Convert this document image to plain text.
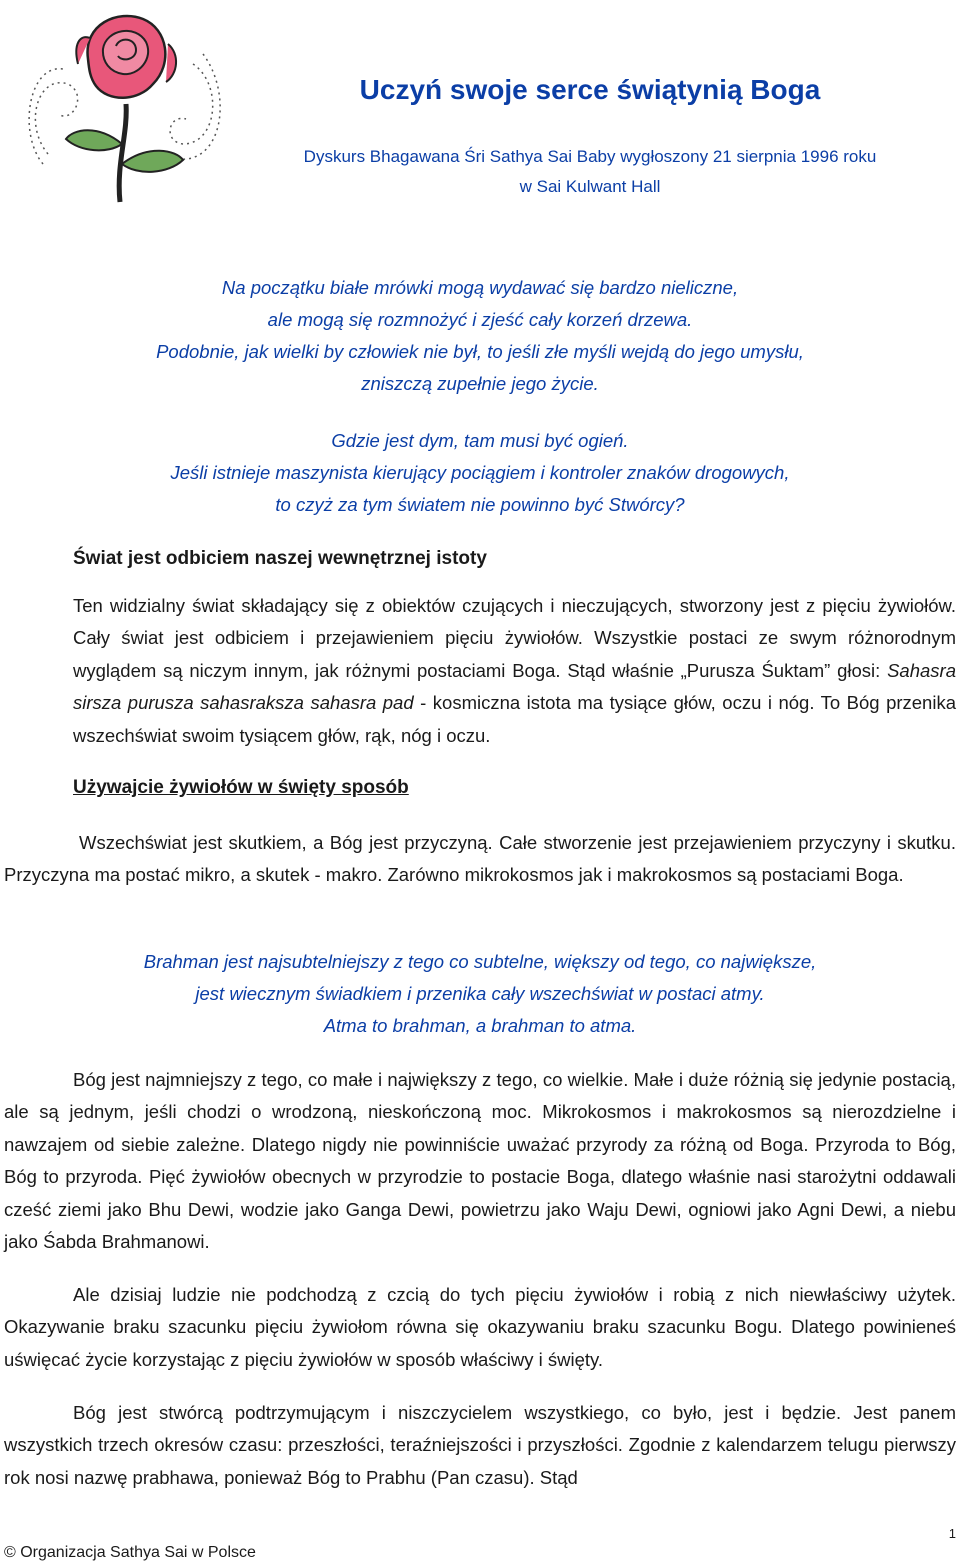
Uczyń swoje serce świątynią Boga
Dyskurs Bhagawana Śri Sathya Sai Baby wygłoszony 21 sierpnia 1996 roku
w Sai Kulwant Hall
Na początku białe mrówki mogą wydawać się bardzo nieliczne,
ale mogą się rozmnożyć i zjeść cały korzeń drzewa.
Podobnie, jak wielki by człowiek nie był, to jeśli złe myśli wejdą do jego umysłu,
zniszczą zupełnie jego życie.
Gdzie jest dym, tam musi być ogień.
Jeśli istnieje maszynista kierujący pociągiem i kontroler znaków drogowych,
to czyż za tym światem nie powinno być Stwórcy?
Świat jest odbiciem naszej wewnętrznej istoty

Ten widzialny świat składający się z obiektów czujących i nieczujących, stworzony jest z pięciu żywiołów. Cały świat jest odbiciem i przejawieniem pięciu żywiołów. Wszystkie postaci ze swym różnorodnym wyglądem są niczym innym, jak różnymi postaciami Boga. Stąd właśnie „Purusza Śuktam” głosi: Sahasra sirsza purusza sahasraksza sahasra pad - kosmiczna istota ma tysiące głów, oczu i nóg. To Bóg przenika wszechświat swoim tysiącem głów, rąk, nóg i oczu.

Używajcie żywiołów w święty sposób

Wszechświat jest skutkiem, a Bóg jest przyczyną. Całe stworzenie jest przejawieniem przyczyny i skutku. Przyczyna ma postać mikro, a skutek - makro. Zarówno mikrokosmos jak i makrokosmos są postaciami Boga.

Brahman jest najsubtelniejszy z tego co subtelne, większy od tego, co największe,
jest wiecznym świadkiem i przenika cały wszechświat w postaci atmy.
Atma to brahman, a brahman to atma.

Bóg jest najmniejszy z tego, co małe i największy z tego, co wielkie. Małe i duże różnią się jedynie postacią, ale są jednym, jeśli chodzi o wrodzoną, nieskończoną moc. Mikrokosmos i makrokosmos są nierozdzielne i nawzajem od siebie zależne. Dlatego nigdy nie powinniście uważać przyrody za różną od Boga. Przyroda to Bóg, Bóg to przyroda. Pięć żywiołów obecnych w przyrodzie to postacie Boga, dlatego właśnie nasi starożytni oddawali cześć ziemi jako Bhu Dewi, wodzie jako Ganga Dewi, powietrzu jako Waju Dewi, ogniowi jako Agni Dewi, a niebu jako Śabda Brahmanowi.

Ale dzisiaj ludzie nie podchodzą z czcią do tych pięciu żywiołów i robią z nich niewłaściwy użytek. Okazywanie braku szacunku pięciu żywiołom równa się okazywaniu braku szacunku Bogu. Dlatego powinieneś uświęcać życie korzystając z pięciu żywiołów w sposób właściwy i święty.

Bóg jest stwórcą podtrzymującym i niszczycielem wszystkiego, co było, jest i będzie. Jest panem wszystkich trzech okresów czasu: przeszłości, teraźniejszości i przyszłości. Zgodnie z kalendarzem telugu pierwszy rok nosi nazwę prabhawa, ponieważ Bóg to Prabhu (Pan czasu). Stąd

© Organizacja Sathya Sai w Polsce
1
